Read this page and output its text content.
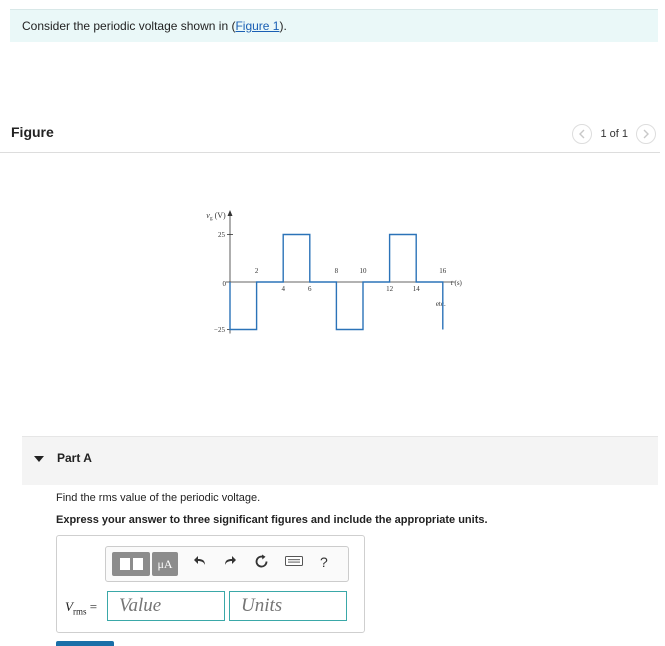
Consider the periodic voltage shown in (Figure 1).
Figure	1 of 1
25
−25
0
vg (V)
2	8	10	16
4	6	12	14
t (s)
etc.
Part A
Find the rms value of the periodic voltage.
Express your answer to three significant figures and include the appropriate units.
μA	?
$V_{rms}$ =
Value
Units
